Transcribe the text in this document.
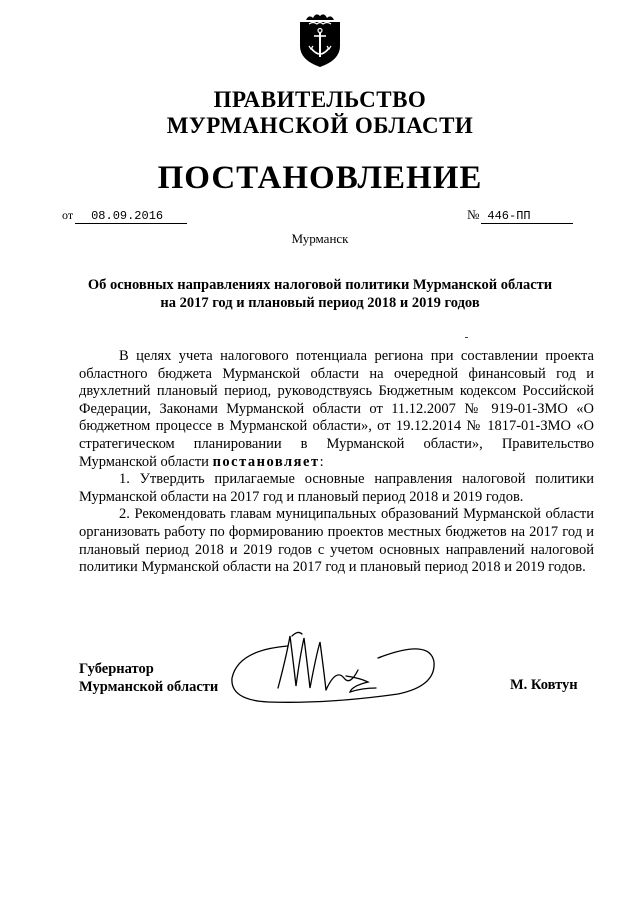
ПРАВИТЕЛЬСТВО
МУРМАНСКОЙ ОБЛАСТИ
ПОСТАНОВЛЕНИЕ
от 08.09.2016	№ 446-ПП
Мурманск
Об основных направлениях налоговой политики Мурманской области
на 2017 год и плановый период 2018 и 2019 годов

В целях учета налогового потенциала региона при составлении проекта областного бюджета Мурманской области на очередной финансовый год и двухлетний плановый период, руководствуясь Бюджетным кодексом Российской Федерации, Законами Мурманской области от 11.12.2007 № 919-01-ЗМО «О бюджетном процессе в Мурманской области», от 19.12.2014 № 1817-01-ЗМО «О стратегическом планировании в Мурманской области», Правительство Мурманской области постановляет:

1. Утвердить прилагаемые основные направления налоговой политики Мурманской области на 2017 год и плановый период 2018 и 2019 годов.

2. Рекомендовать главам муниципальных образований Мурманской области организовать работу по формированию проектов местных бюджетов на 2017 год и плановый период 2018 и 2019 годов с учетом основных направлений налоговой политики Мурманской области на 2017 год и плановый период 2018 и 2019 годов.

Губернатор
Мурманской области	М. Ковтун
